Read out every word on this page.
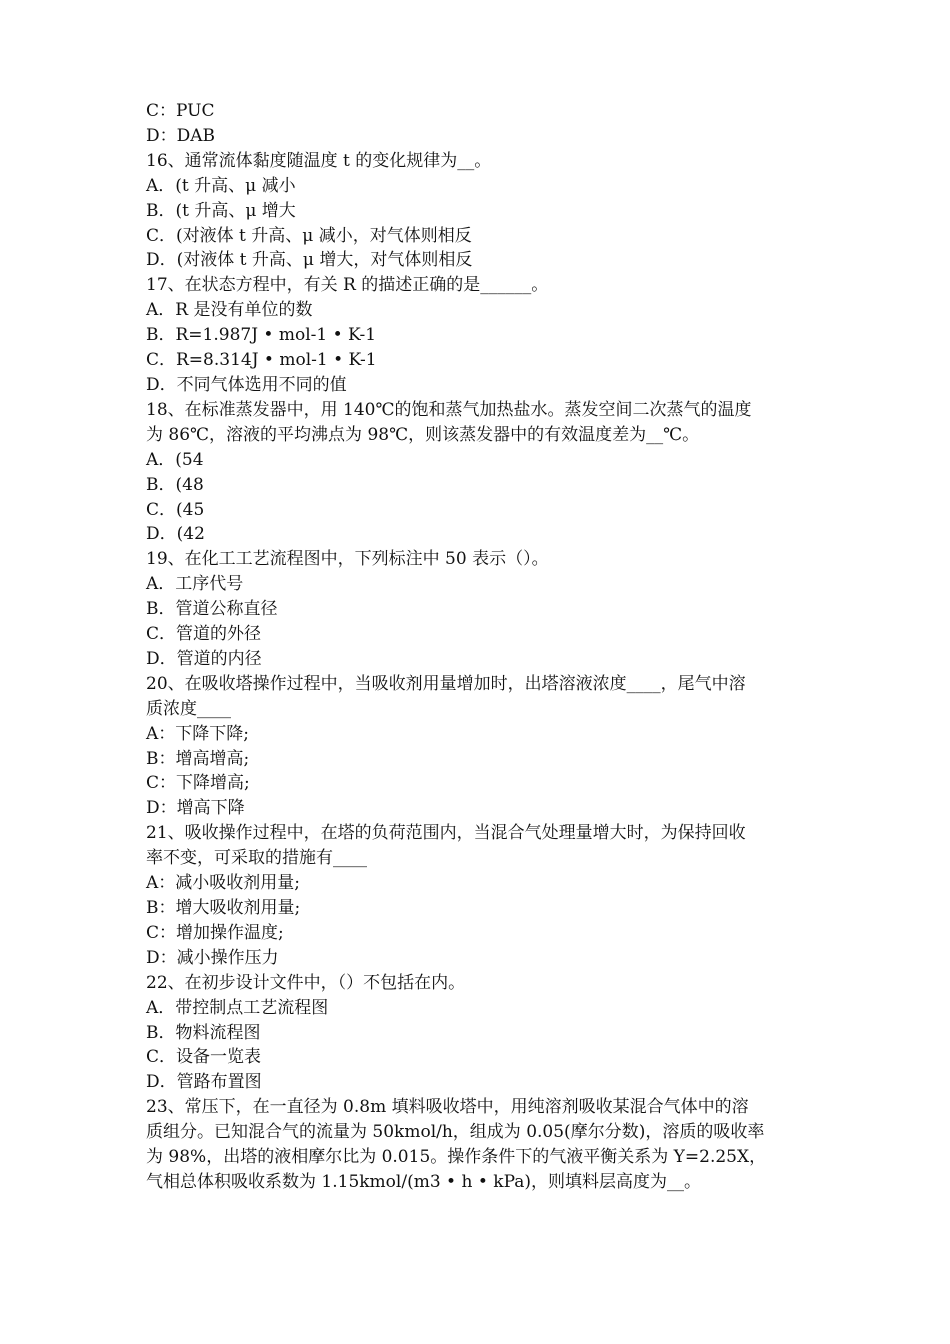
C：PUC
D：DAB
16、通常流体黏度随温度 t 的变化规律为__。
A．(t 升高、μ 减小
B．(t 升高、μ 增大
C．(对液体 t 升高、μ 减小，对气体则相反
D．(对液体 t 升高、μ 增大，对气体则相反
17、在状态方程中，有关 R 的描述正确的是______。
A．R 是没有单位的数
B．R=1.987J • mol-1 • K-1
C．R=8.314J • mol-1 • K-1
D．不同气体选用不同的值
18、在标准蒸发器中，用 140℃的饱和蒸气加热盐水。蒸发空间二次蒸气的温度
为 86℃，溶液的平均沸点为 98℃，则该蒸发器中的有效温度差为__℃。
A．(54
B．(48
C．(45
D．(42
19、在化工工艺流程图中，下列标注中 50 表示（）。
A．工序代号
B．管道公称直径
C．管道的外径
D．管道的内径
20、在吸收塔操作过程中，当吸收剂用量增加时，出塔溶液浓度____，尾气中溶
质浓度____
A：下降下降;
B：增高增高;
C：下降增高;
D：增高下降
21、吸收操作过程中，在塔的负荷范围内，当混合气处理量增大时，为保持回收
率不变，可采取的措施有____
A：减小吸收剂用量;
B：增大吸收剂用量;
C：增加操作温度;
D：减小操作压力
22、在初步设计文件中，（）不包括在内。
A．带控制点工艺流程图
B．物料流程图
C．设备一览表
D．管路布置图
23、常压下，在一直径为 0.8m 填料吸收塔中，用纯溶剂吸收某混合气体中的溶
质组分。已知混合气的流量为 50kmol/h，组成为 0.05(摩尔分数)，溶质的吸收率
为 98%，出塔的液相摩尔比为 0.015。操作条件下的气液平衡关系为 Y=2.25X，
气相总体积吸收系数为 1.15kmol/(m3 • h • kPa)，则填料层高度为__。
